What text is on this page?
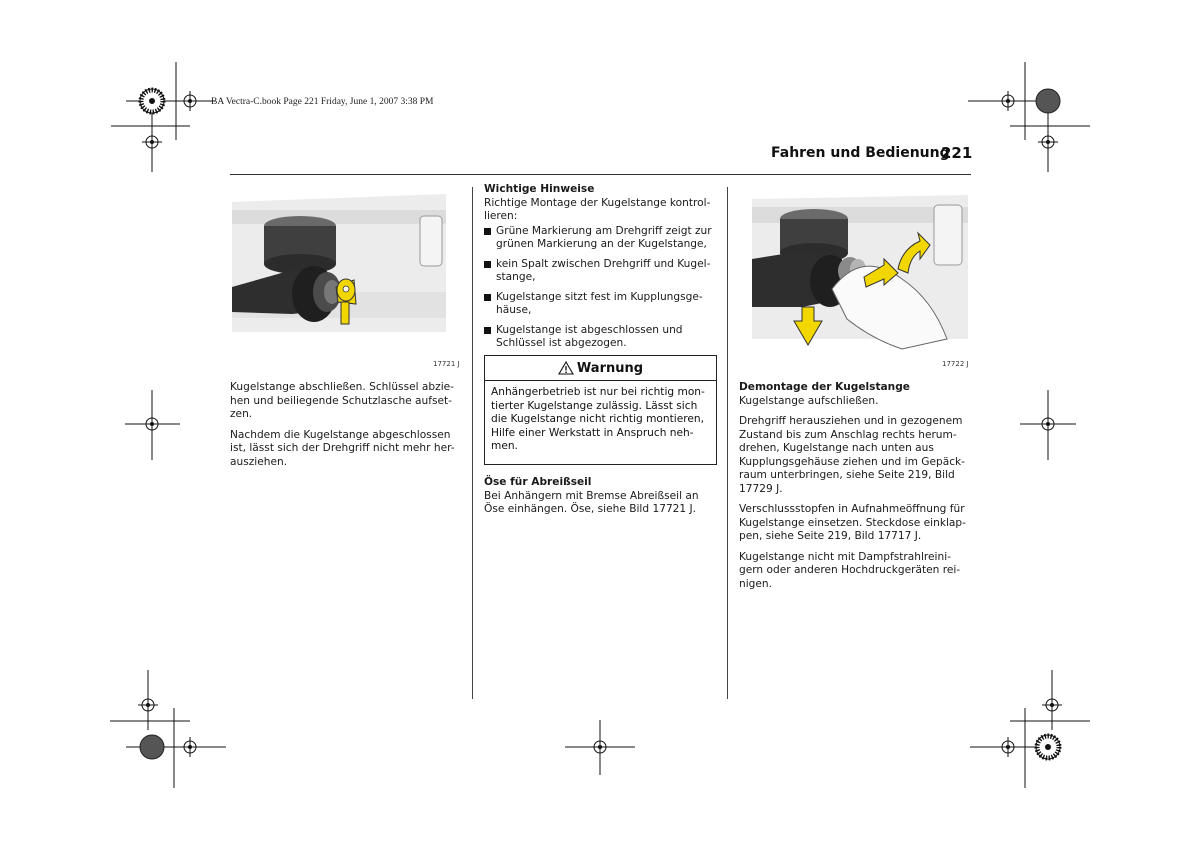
BA Vectra-C.book Page 221 Friday, June 1, 2007 3:38 PM
Fahren und Bedienung
221
17721 J

Kugelstange abschließen. Schlüssel abzie-hen und beiliegende Schutzlasche aufset-zen.

Nachdem die Kugelstange abgeschlossen ist, lässt sich der Drehgriff nicht mehr her-ausziehen.

Wichtige Hinweise

Richtige Montage der Kugelstange kontrol-lieren:

Grüne Markierung am Drehgriff zeigt zur grünen Markierung an der Kugelstange,
kein Spalt zwischen Drehgriff und Kugel-stange,
Kugelstange sitzt fest im Kupplungsge-häuse,
Kugelstange ist abgeschlossen und Schlüssel ist abgezogen.
Warnung
Anhängerbetrieb ist nur bei richtig mon-tierter Kugelstange zulässig. Lässt sich die Kugelstange nicht richtig montieren, Hilfe einer Werkstatt in Anspruch neh-men.
Öse für Abreißseil
Bei Anhängern mit Bremse Abreißseil an Öse einhängen. Öse, siehe Bild 17721 J.
17722 J
Demontage der Kugelstange

Kugelstange aufschließen.

Drehgriff herausziehen und in gezogenem Zustand bis zum Anschlag rechts herum-drehen, Kugelstange nach unten aus Kupplungsgehäuse ziehen und im Gepäck-raum unterbringen, siehe Seite 219, Bild 17729 J.

Verschlussstopfen in Aufnahmeöffnung für Kugelstange einsetzen. Steckdose einklap-pen, siehe Seite 219, Bild 17717 J.

Kugelstange nicht mit Dampfstrahlreini-gern oder anderen Hochdruckgeräten rei-nigen.
